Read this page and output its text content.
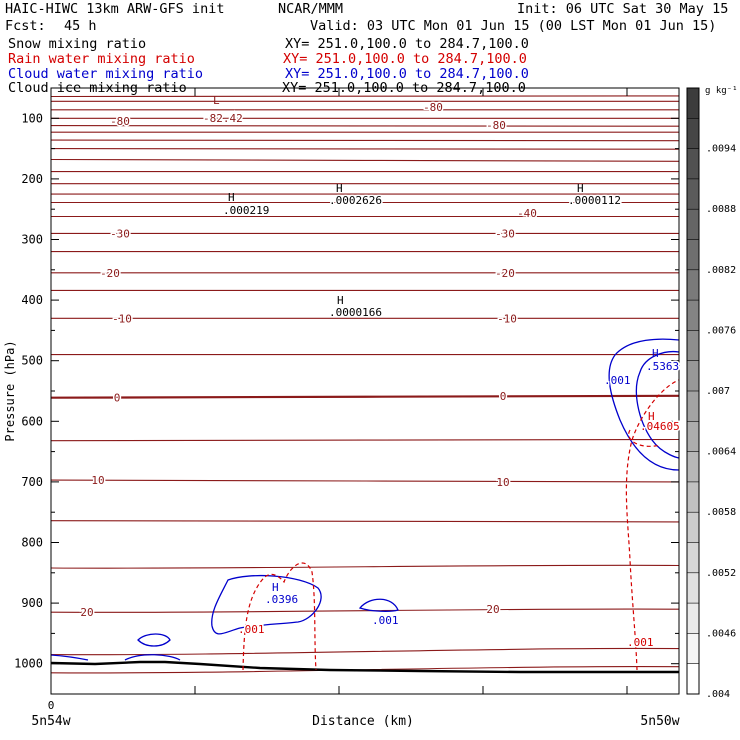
HAIC-HIWC 13km ARW-GFS init	NCAR/MMM	Init: 06 UTC Sat 30 May 15
Fcst: 45 h	Valid: 03 UTC Mon 01 Jun 15 (00 LST Mon 01 Jun 15)
Snow mixing ratio	XY= 251.0,100.0 to 284.7,100.0
Rain water mixing ratio	XY= 251.0,100.0 to 284.7,100.0
Cloud water mixing ratio	XY= 251.0,100.0 to 284.7,100.0
Cloud ice mixing ratio	XY= 251.0,100.0 to 284.7,100.0
100
200
300
400
500
600
700
800
900
1000
Pressure (hPa)
Distance (km)
0
5n54w	5n50w
-80
-80
-80
-40
-30	-30
-20	-20
-10	-10
0	0
10	10
20	20
L
-82.42
H
.000219
H
.0002626
H
.0000112
H
.0000166
H
.5363
H
.04605
H
.0396
.001
.001
.001
.001
g kg⁻¹
.0094
.0088
.0082
.0076
.007
.0064
.0058
.0052
.0046
.004
